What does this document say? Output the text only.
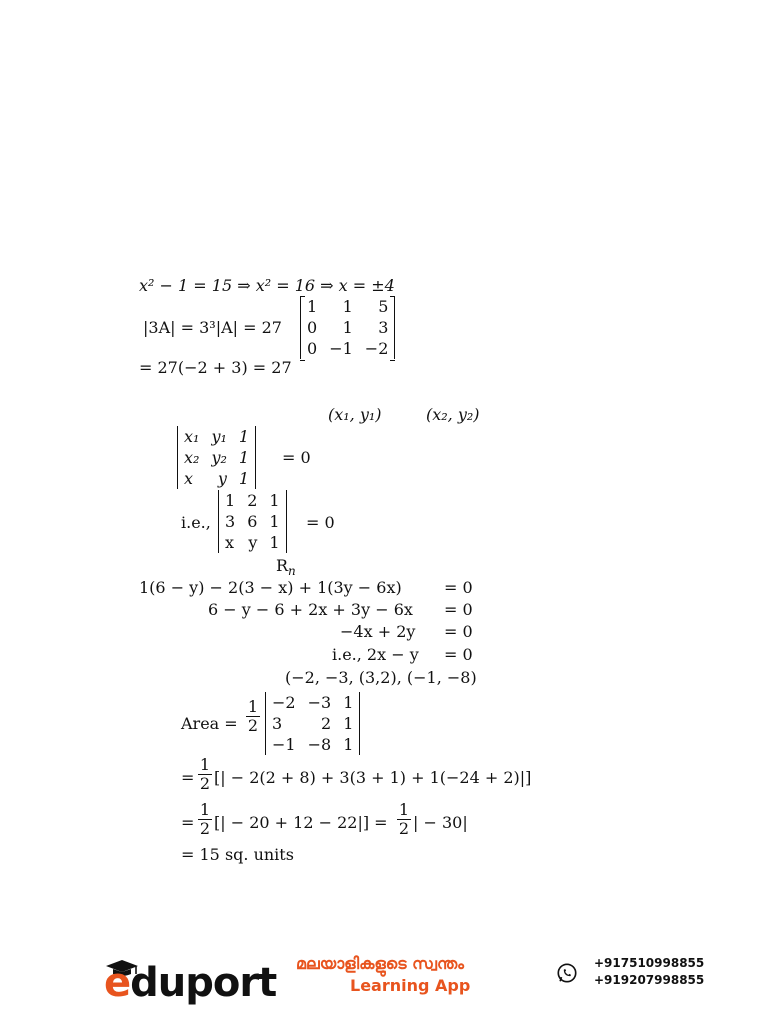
x² − 1 = 15 ⇒ x² = 16 ⇒ x = ±4
|3A| = 3³|A| = 27
1	1	5
0	1	3
0	−1	−2
= 27(−2 + 3) = 27
(x₁, y₁)	(x₂, y₂)
x₁	y₁	1
x₂	y₂	1
x	y	1
= 0
i.e.,
1	2	1
3	6	1
x	y	1
= 0
$R_n$
1(6 − y) − 2(3 − x) + 1(3y − 6x)	= 0
6 − y − 6 + 2x + 3y − 6x = 0
−4x + 2y = 0
i.e., 2x − y = 0
(−2, −3, (3,2), (−1, −8)
Area =
1
2
−2	−3	1
3	2	1
−1	−8	1
=
1
2 [| − 2(2 + 8) + 3(3 + 1) + 1(−24 + 2)|]
=
1
2 [| − 20 + 12 − 22|] =
1
2 | − 30|
= 15 sq. units
eduport മലയാളികളുടെ സ്വന്തം
Learning App
+917510998855
+919207998855
